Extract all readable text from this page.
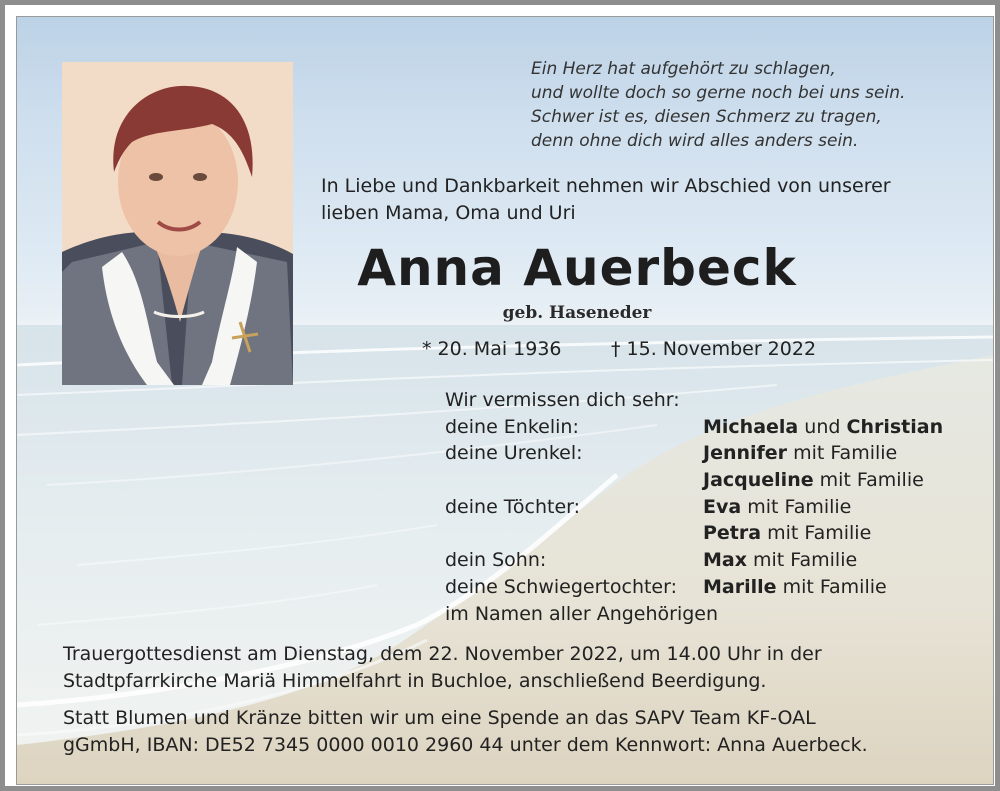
Ein Herz hat aufgehört zu schlagen,
und wollte doch so gerne noch bei uns sein.
Schwer ist es, diesen Schmerz zu tragen,
denn ohne dich wird alles anders sein.
In Liebe und Dankbarkeit nehmen wir Abschied von unserer
lieben Mama, Oma und Uri
Anna Auerbeck
geb. Haseneder
* 20. Mai 1936	† 15. November 2022
Wir vermissen dich sehr:
deine Enkelin:	Michaela und Christian
deine Urenkel:	Jennifer mit Familie
Jacqueline mit Familie
deine Töchter:	Eva mit Familie
Petra mit Familie
dein Sohn:	Max mit Familie
deine Schwiegertochter: Marille mit Familie
im Namen aller Angehörigen
Trauergottesdienst am Dienstag, dem 22. November 2022, um 14.00 Uhr in der
Stadtpfarrkirche Mariä Himmelfahrt in Buchloe, anschließend Beerdigung.
Statt Blumen und Kränze bitten wir um eine Spende an das SAPV Team KF-OAL
gGmbH, IBAN: DE52 7345 0000 0010 2960 44 unter dem Kennwort: Anna Auerbeck.
